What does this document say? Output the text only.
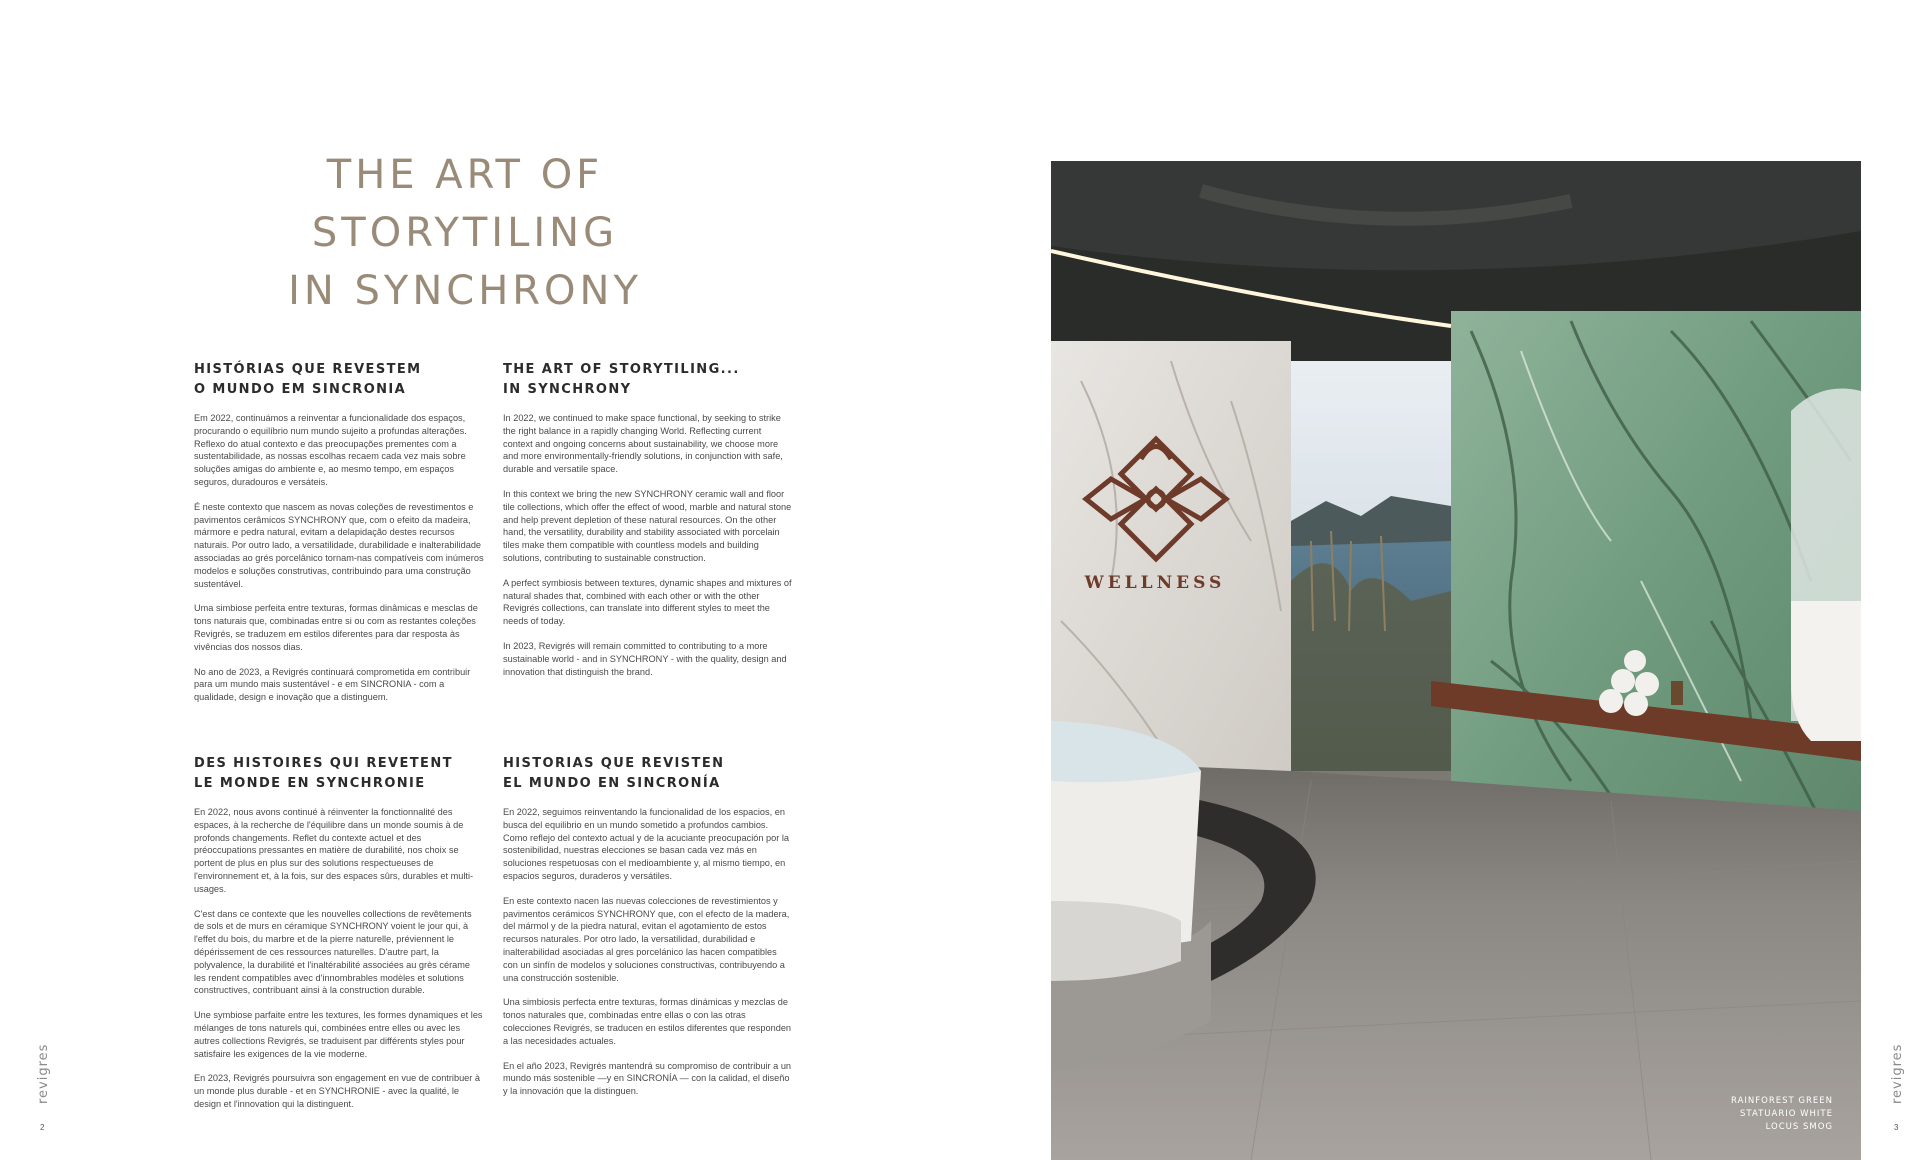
THE ART OF
STORYTILING
IN SYNCHRONY
HISTÓRIAS QUE REVESTEM
O MUNDO EM SINCRONIA

Em 2022, continuámos a reinventar a funcionalidade dos espaços, procurando o equilíbrio num mundo sujeito a profundas alterações. Reflexo do atual contexto e das preocupações prementes com a sustentabilidade, as nossas escolhas recaem cada vez mais sobre soluções amigas do ambiente e, ao mesmo tempo, em espaços seguros, duradouros e versáteis.

É neste contexto que nascem as novas coleções de revestimentos e pavimentos cerâmicos SYNCHRONY que, com o efeito da madeira, mármore e pedra natural, evitam a delapidação destes recursos naturais. Por outro lado, a versatilidade, durabilidade e inalterabilidade associadas ao grés porcelânico tornam-nas compatíveis com inúmeros modelos e soluções construtivas, contribuindo para uma construção sustentável.

Uma simbiose perfeita entre texturas, formas dinâmicas e mesclas de tons naturais que, combinadas entre si ou com as restantes coleções Revigrés, se traduzem em estilos diferentes para dar resposta às vivências dos nossos dias.

No ano de 2023, a Revigrés continuará comprometida em contribuir para um mundo mais sustentável - e em SINCRONIA - com a qualidade, design e inovação que a distinguem.

THE ART OF STORYTILING...
IN SYNCHRONY

In 2022, we continued to make space functional, by seeking to strike the right balance in a rapidly changing World. Reflecting current context and ongoing concerns about sustainability, we choose more and more environmentally-friendly solutions, in conjunction with safe, durable and versatile space.

In this context we bring the new SYNCHRONY ceramic wall and floor tile collections, which offer the effect of wood, marble and natural stone and help prevent depletion of these natural resources. On the other hand, the versatility, durability and stability associated with porcelain tiles make them compatible with countless models and building solutions, contributing to sustainable construction.

A perfect symbiosis between textures, dynamic shapes and mixtures of natural shades that, combined with each other or with the other Revigrés collections, can translate into different styles to meet the needs of today.

In 2023, Revigrés will remain committed to contributing to a more sustainable world - and in SYNCHRONY - with the quality, design and innovation that distinguish the brand.

DES HISTOIRES QUI REVETENT
LE MONDE EN SYNCHRONIE

En 2022, nous avons continué à réinventer la fonctionnalité des espaces, à la recherche de l'équilibre dans un monde soumis à de profonds changements. Reflet du contexte actuel et des préoccupations pressantes en matière de durabilité, nos choix se portent de plus en plus sur des solutions respectueuses de l'environnement et, à la fois, sur des espaces sûrs, durables et multi-usages.

C'est dans ce contexte que les nouvelles collections de revêtements de sols et de murs en céramique SYNCHRONY voient le jour qui, à l'effet du bois, du marbre et de la pierre naturelle, préviennent le dépérissement de ces ressources naturelles. D'autre part, la polyvalence, la durabilité et l'inaltérabilité associées au grès cérame les rendent compatibles avec d'innombrables modèles et solutions constructives, contribuant ainsi à la construction durable.

Une symbiose parfaite entre les textures, les formes dynamiques et les mélanges de tons naturels qui, combinées entre elles ou avec les autres collections Revigrés, se traduisent par différents styles pour satisfaire les exigences de la vie moderne.

En 2023, Revigrés poursuivra son engagement en vue de contribuer à un monde plus durable - et en SYNCHRONIE - avec la qualité, le design et l'innovation qui la distinguent.

HISTORIAS QUE REVISTEN
EL MUNDO EN SINCRONÍA

En 2022, seguimos reinventando la funcionalidad de los espacios, en busca del equilibrio en un mundo sometido a profundos cambios. Como reflejo del contexto actual y de la acuciante preocupación por la sostenibilidad, nuestras elecciones se basan cada vez más en soluciones respetuosas con el medioambiente y, al mismo tiempo, en espacios seguros, duraderos y versátiles.

En este contexto nacen las nuevas colecciones de revestimientos y pavimentos cerámicos SYNCHRONY que, con el efecto de la madera, del mármol y de la piedra natural, evitan el agotamiento de estos recursos naturales. Por otro lado, la versatilidad, durabilidad e inalterabilidad asociadas al gres porcelánico las hacen compatibles con un sinfín de modelos y soluciones constructivas, contribuyendo a una construcción sostenible.

Una simbiosis perfecta entre texturas, formas dinámicas y mezclas de tonos naturales que, combinadas entre ellas o con las otras colecciones Revigrés, se traducen en estilos diferentes que responden a las necesidades actuales.

En el año 2023, Revigrés mantendrá su compromiso de contribuir a un mundo más sostenible —y en SINCRONÍA — con la calidad, el diseño y la innovación que la distinguen.

revigres
2
revigres
3
WELLNESS
RAINFOREST GREEN
STATUARIO WHITE
LOCUS SMOG
